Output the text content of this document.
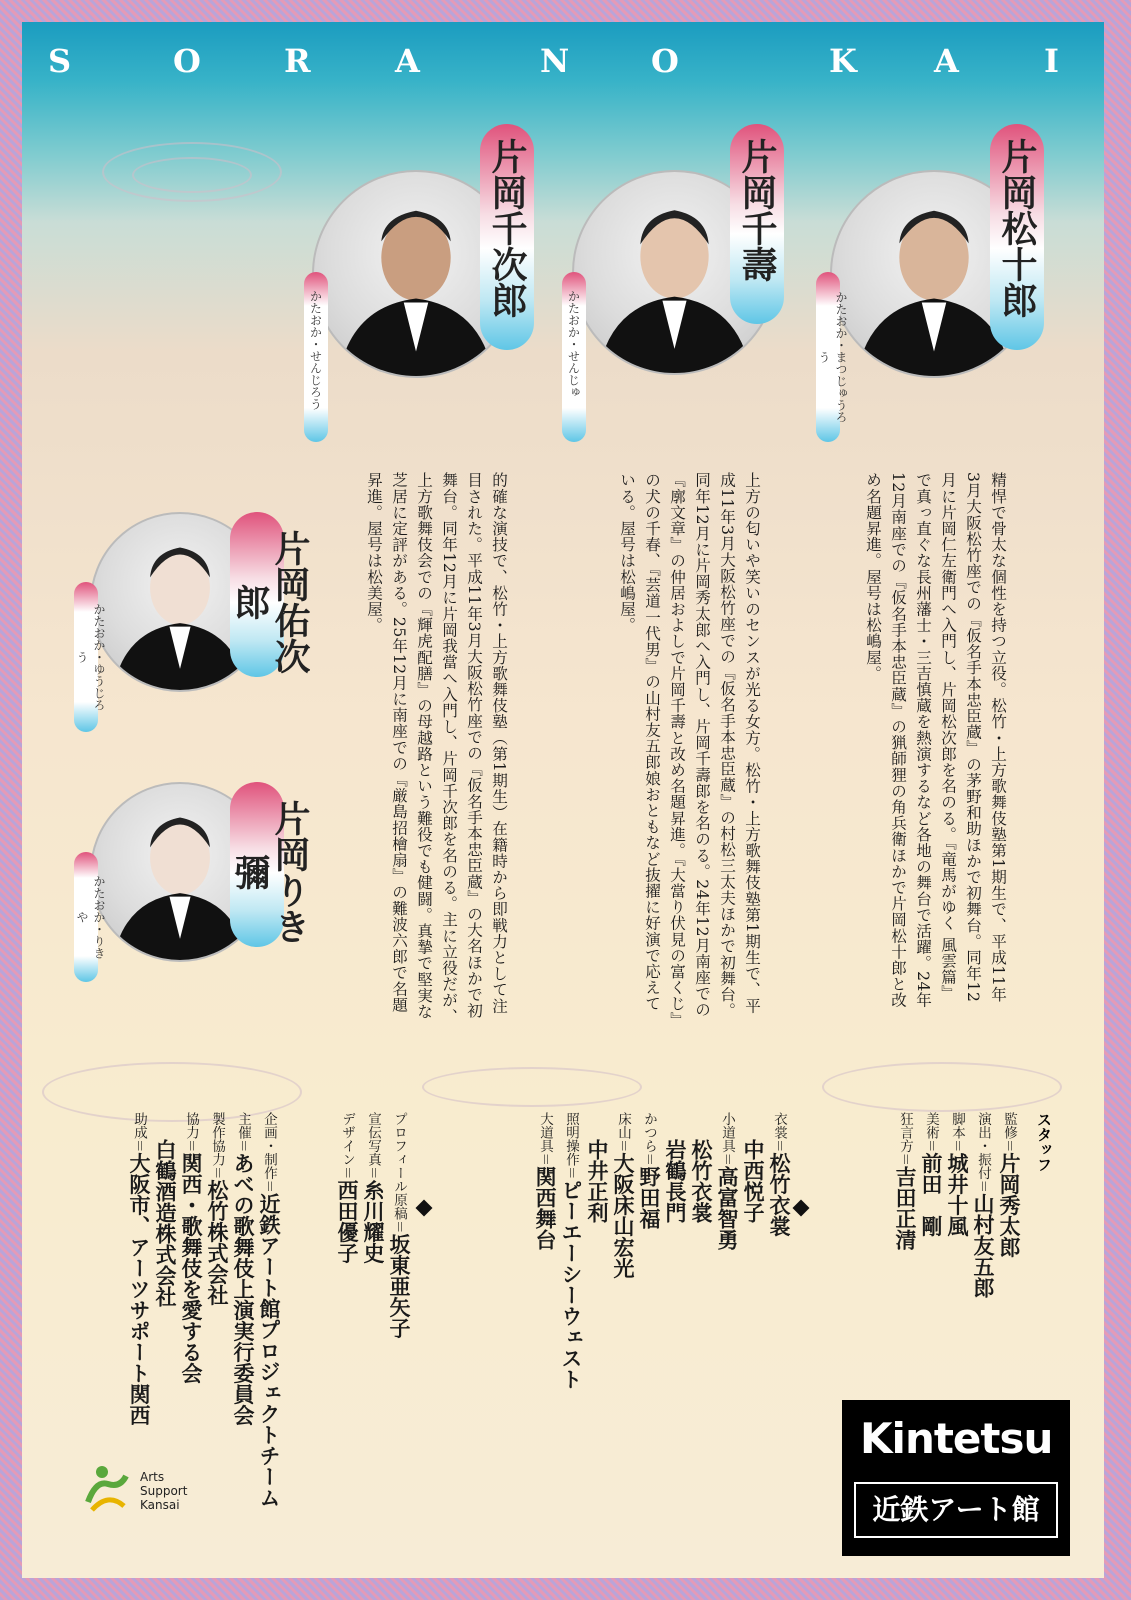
S	O	R	A	N	O	K A	I
片岡松十郎
かたおか・まつじゅうろう
片岡千壽
かたおか・せんじゅ
片岡千次郎
かたおか・せんじろう
片岡佑次郎
かたおか・ゆうじろう
片岡りき彌
かたおか・りきや	精悍で骨太な個性を持つ立役。松竹・上方歌舞伎塾第1期生で、平成11年3月大阪松竹座での『仮名手本忠臣蔵』の茅野和助ほかで初舞台。同年12月に片岡仁左衛門へ入門し、片岡松次郎を名のる。『竜馬がゆく 風雲篇』で真っ直ぐな長州藩士・三吉慎蔵を熱演するなど各地の舞台で活躍。24年12月南座での『仮名手本忠臣蔵』の猟師狸の角兵衛ほかで片岡松十郎と改め名題昇進。屋号は松嶋屋。
上方の匂いや笑いのセンスが光る女方。松竹・上方歌舞伎塾第1期生で、平成11年3月大阪松竹座での『仮名手本忠臣蔵』の村松三太夫ほかで初舞台。同年12月に片岡秀太郎へ入門し、片岡千壽郎を名のる。24年12月南座での『廓文章』の仲居およしで片岡千壽と改め名題昇進。『大當り伏見の富くじ』の犬の千春、『芸道一代男』の山村友五郎娘おともなど抜擢に好演で応えている。屋号は松嶋屋。
的確な演技で、松竹・上方歌舞伎塾（第1期生）在籍時から即戦力として注目された。平成11年3月大阪松竹座での『仮名手本忠臣蔵』の大名ほかで初舞台。同年12月に片岡我當へ入門し、片岡千次郎を名のる。主に立役だが、上方歌舞伎会での『輝虎配膳』の母越路という難役でも健闘。真摯で堅実な芝居に定評がある。25年12月に南座での『厳島招檜扇』の難波六郎で名題昇進。屋号は松美屋。
スタッフ
監修＝片岡秀太郎
演出・振付＝山村友五郎
脚本＝城井十風
美術＝前田　剛
狂言方＝吉田正清
衣裳＝松竹衣裳
　　中西悦子
小道具＝高富智勇
　　松竹衣裳
　　岩鶴長門
かつら＝野田福
床山＝大阪床山宏光
　　中井正利
照明操作＝ピーエーシーウェスト
大道具＝関西舞台
プロフィール原稿＝坂東亜矢子
宣伝写真＝糸川耀史
デザイン＝西田優子
企画・制作＝近鉄アート館プロジェクトチーム
主催＝あべの歌舞伎上演実行委員会
製作協力＝松竹株式会社
協力＝関西・歌舞伎を愛する会
　　白鶴酒造株式会社
助成＝大阪市、アーツサポート関西
Kintetsu
近鉄アート館
Arts
Support
Kansai
